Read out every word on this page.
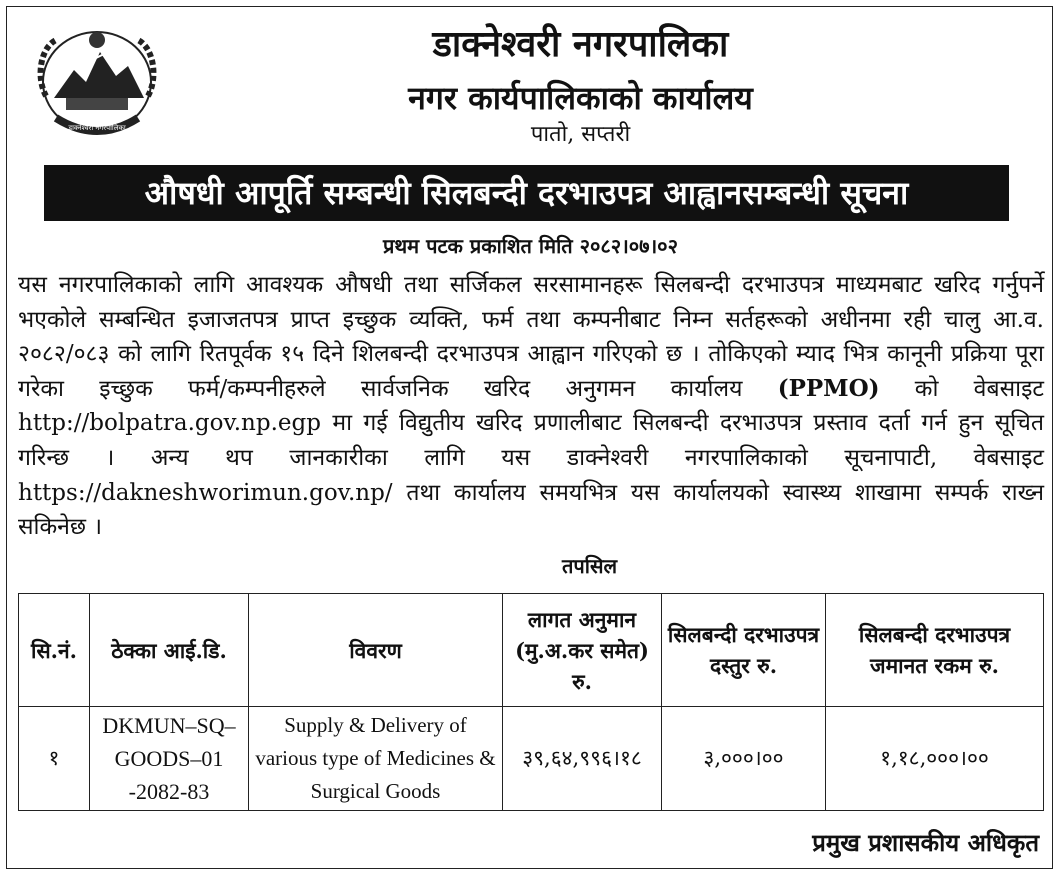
डाक्नेश्वरी नगरपालिका
डाक्नेश्वरी नगरपालिका
नगर कार्यपालिकाको कार्यालय
पातो, सप्तरी
औषधी आपूर्ति सम्बन्धी सिलबन्दी दरभाउपत्र आह्वानसम्बन्धी सूचना
प्रथम पटक प्रकाशित मिति २०८२।०७।०२
यस नगरपालिकाको लागि आवश्यक औषधी तथा सर्जिकल सरसामानहरू सिलबन्दी दरभाउपत्र माध्यमबाट खरिद गर्नुपर्ने भएकोले सम्बन्धित इजाजतपत्र प्राप्त इच्छुक व्यक्ति, फर्म तथा कम्पनीबाट निम्न सर्तहरूको अधीनमा रही चालु आ.व. २०८२/०८३ को लागि रितपूर्वक १५ दिने शिलबन्दी दरभाउपत्र आह्वान गरिएको छ । तोकिएको म्याद भित्र कानूनी प्रक्रिया पूरा गरेका इच्छुक फर्म/कम्पनीहरुले सार्वजनिक खरिद अनुगमन कार्यालय (PPMO) को वेबसाइट http://bolpatra.gov.np.egp मा गई विद्युतीय खरिद प्रणालीबाट सिलबन्दी दरभाउपत्र प्रस्ताव दर्ता गर्न हुन सूचित गरिन्छ । अन्य थप जानकारीका लागि यस डाक्नेश्वरी नगरपालिकाको सूचनापाटी, वेबसाइट https://dakneshworimun.gov.np/ तथा कार्यालय समयभित्र यस कार्यालयको स्वास्थ्य शाखामा सम्पर्क राख्न सकिनेछ ।
तपसिल
सि.नं.	ठेक्का आई.डि.	विवरण	लागत अनुमान (मु.अ.कर समेत) रु.	सिलबन्दी दरभाउपत्र दस्तुर रु.	सिलबन्दी दरभाउपत्र जमानत रकम रु.
१	DKMUN–SQ–GOODS–01 -2082-83	Supply & Delivery of various type of Medicines & Surgical Goods	३९,६४,९९६।१८	३,०००।००	१,१८,०००।००
प्रमुख प्रशासकीय अधिकृत
